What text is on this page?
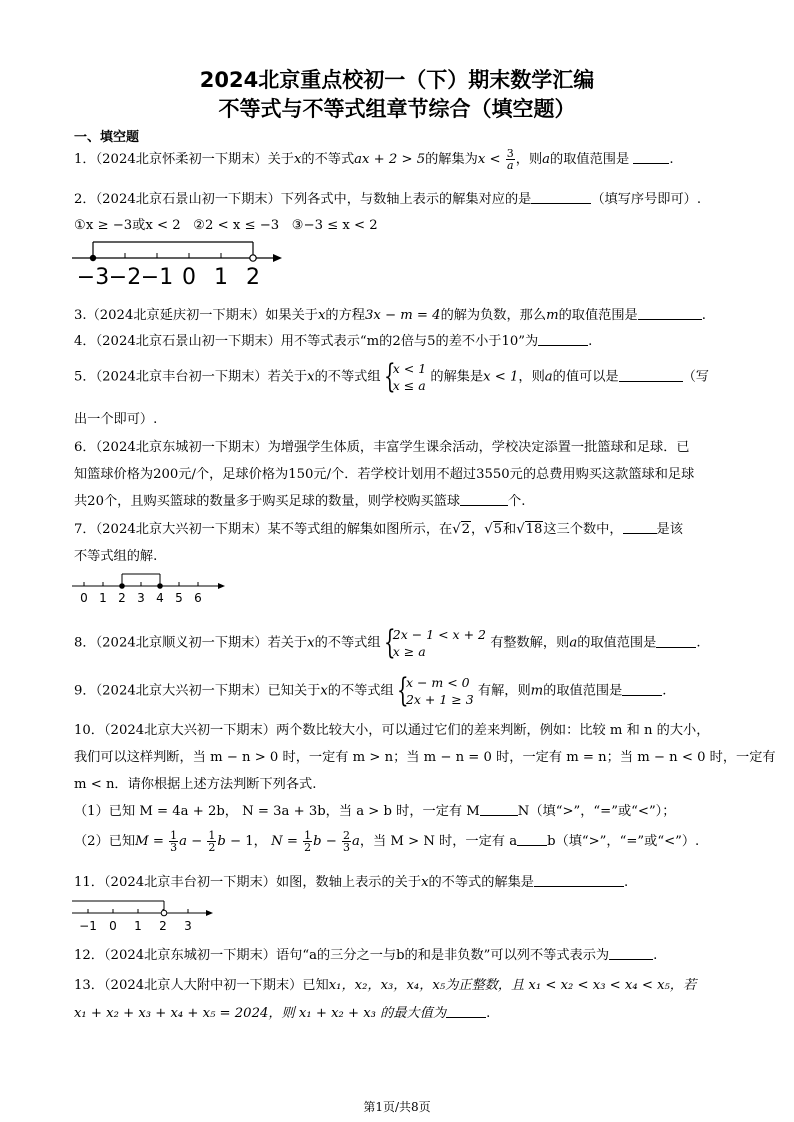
2024北京重点校初一（下）期末数学汇编
不等式与不等式组章节综合（填空题）
一、填空题
1．（2024北京怀柔初一下期末）关于x的不等式ax + 2 > 5的解集为$x < \frac{3}{a}$ ，则a的取值范围是	.
2．（2024北京石景山初一下期末）下列各式中，与数轴上表示的解集对应的是	（填写序号即可）.
①x ≥ −3或x < 2 ②2 < x ≤ −3 ③−3 ≤ x < 2
−3 −2 −1 0 1 2
3.（2024北京延庆初一下期末）如果关于x的方程3x − m = 4的解为负数，那么m的取值范围是	.
4．（2024北京石景山初一下期末）用不等式表示“m的2倍与5的差不小于10”为	.
5．（2024北京丰台初一下期末）若关于x的不等式组 {
x < 1
x ≤ a 的解集是x < 1，则a的值可以是	（写
出一个即可）.
6．（2024北京东城初一下期末）为增强学生体质，丰富学生课余活动，学校决定添置一批篮球和足球．已
知篮球价格为200元/个，足球价格为150元/个．若学校计划用不超过3550元的总费用购买这款篮球和足球
共20个，且购买篮球的数量多于购买足球的数量，则学校购买篮球	个.
7．（2024北京大兴初一下期末）某不等式组的解集如图所示，在√2，√5和√18这三个数中，	是该
不等式组的解.
0 1 2 3 4 5 6
8．（2024北京顺义初一下期末）若关于x的不等式组 {
2x − 1 < x + 2
x ≥ a 有整数解，则a的取值范围是	.
9．（2024北京大兴初一下期末）已知关于x的不等式组 {
x − m < 0
2x + 1 ≥ 3 有解，则m的取值范围是	.
10．（2024北京大兴初一下期末）两个数比较大小，可以通过它们的差来判断，例如：比较 m 和 n 的大小，
我们可以这样判断，当 m − n > 0 时，一定有 m > n；当 m − n = 0 时，一定有 m = n；当 m − n < 0 时，一定有
m < n．请你根据上述方法判断下列各式.
（1）已知 M = 4a + 2b， N = 3a + 3b，当 a > b 时，一定有 M	N（填“>”，“=”或“<”）；
（2）已知$M = \frac{1}{3}$ $a - \frac{1}{2}$ b − 1， $N = \frac{1}{2}$ $b - \frac{2}{3}$ a，当 M > N 时，一定有 a b（填“>”，“=”或“<”）.
11．（2024北京丰台初一下期末）如图，数轴上表示的关于x的不等式的解集是	.
−1 0 1 2 3
12．（2024北京东城初一下期末）语句“a的三分之一与b的和是非负数”可以列不等式表示为	.
13．（2024北京人大附中初一下期末）已知x₁，x₂，x₃，x₄，x₅为正整数，且 x₁ < x₂ < x₃ < x₄ < x₅，若
x₁ + x₂ + x₃ + x₄ + x₅ = 2024，则 x₁ + x₂ + x₃ 的最大值为	.
第1页/共8页
